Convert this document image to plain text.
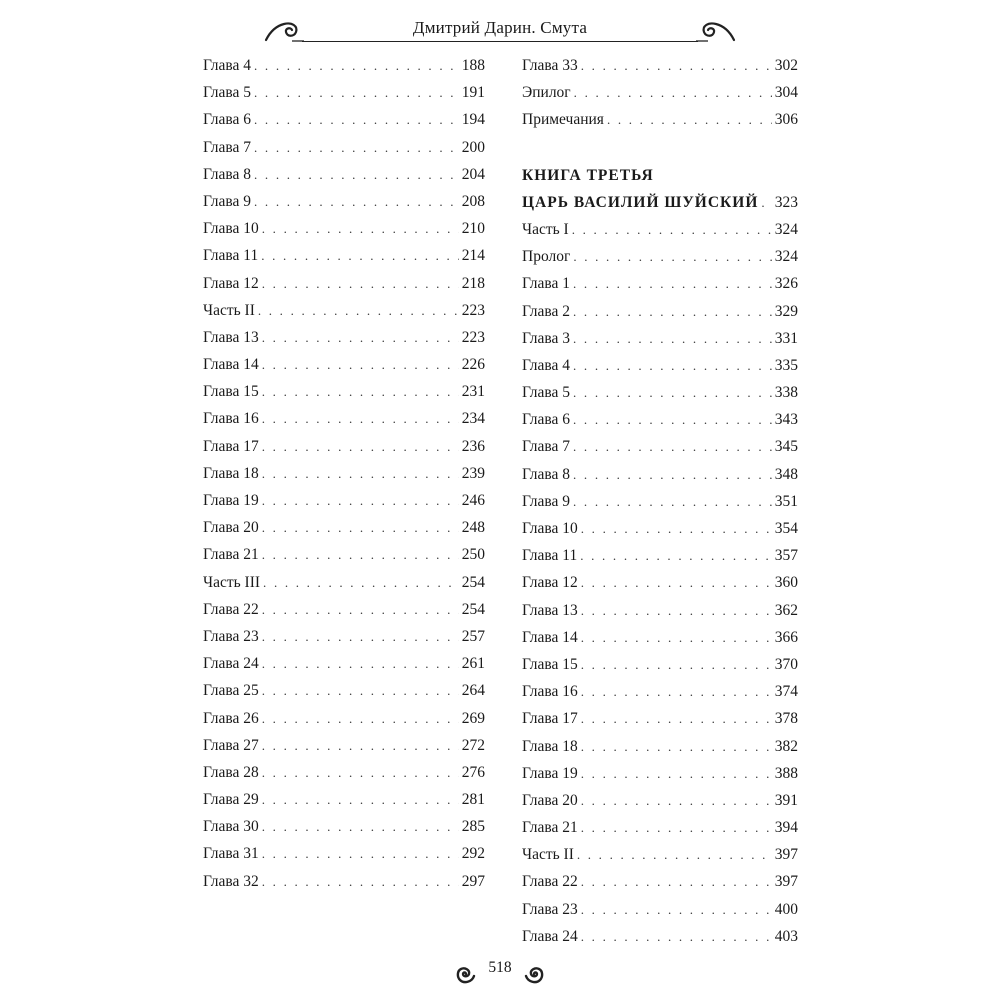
Дмитрий Дарин. Смута
Глава 4 . . .	188
Глава 5 . . .	191
Глава 6 . . .	194
Глава 7 . . .	200
Глава 8 . . .	204
Глава 9 . . .	208
Глава 10 . . .	210
Глава 11 . . .	214
Глава 12 . . .	218
Часть II . . .	223
Глава 13 . . .	223
Глава 14 . . .	226
Глава 15 . . .	231
Глава 16 . . .	234
Глава 17 . . .	236
Глава 18 . . .	239
Глава 19 . . .	246
Глава 20 . . .	248
Глава 21 . . .	250
Часть III . . .	254
Глава 22 . . .	254
Глава 23 . . .	257
Глава 24 . . .	261
Глава 25 . . .	264
Глава 26 . . .	269
Глава 27 . . .	272
Глава 28 . . .	276
Глава 29 . . .	281
Глава 30 . . .	285
Глава 31 . . .	292
Глава 32 . . .	297
Глава 33 . . .	302
Эпилог . . .	304
Примечания . . .	306
КНИГА ТРЕТЬЯ
ЦАРЬ ВАСИЛИЙ ШУЙСКИЙ . . . 323
Часть I . . .	324
Пролог . . .	324
Глава 1 . . .	326
Глава 2 . . .	329
Глава 3 . . .	331
Глава 4 . . .	335
Глава 5 . . .	338
Глава 6 . . .	343
Глава 7 . . .	345
Глава 8 . . .	348
Глава 9 . . .	351
Глава 10 . . .	354
Глава 11 . . .	357
Глава 12 . . .	360
Глава 13 . . .	362
Глава 14 . . .	366
Глава 15 . . .	370
Глава 16 . . .	374
Глава 17 . . .	378
Глава 18 . . .	382
Глава 19 . . .	388
Глава 20 . . .	391
Глава 21 . . .	394
Часть II . . .	397
Глава 22 . . .	397
Глава 23 . . .	400
Глава 24 . . .	403
518
